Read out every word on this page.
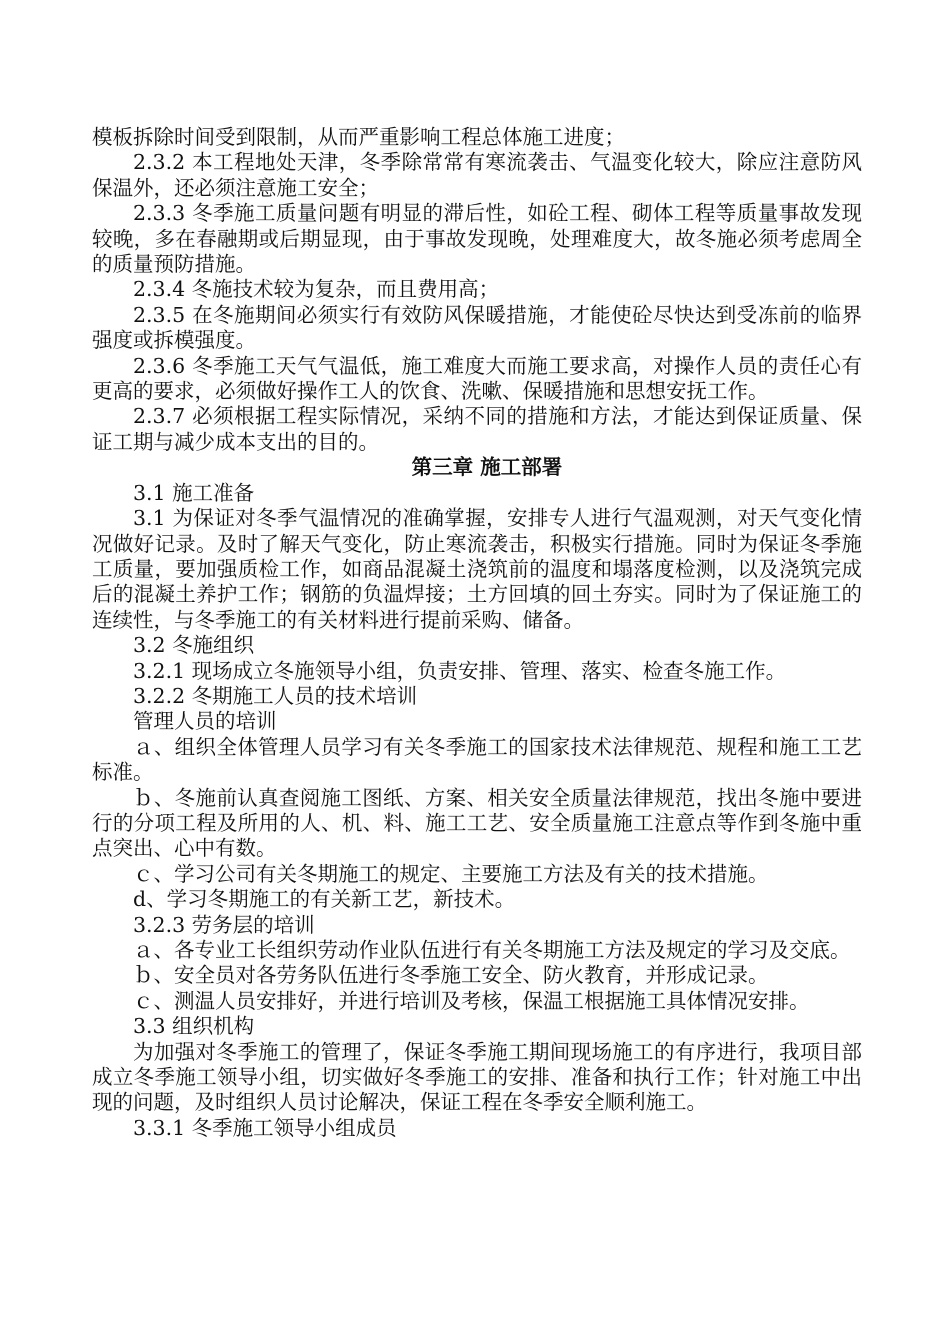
模板拆除时间受到限制，从而严重影响工程总体施工进度；

2.3.2 本工程地处天津，冬季除常常有寒流袭击、气温变化较大，除应注意防风保温外，还必须注意施工安全；

2.3.3 冬季施工质量问题有明显的滞后性，如砼工程、砌体工程等质量事故发现较晚，多在春融期或后期显现，由于事故发现晚，处理难度大，故冬施必须考虑周全的质量预防措施。

2.3.4 冬施技术较为复杂，而且费用高；

2.3.5 在冬施期间必须实行有效防风保暖措施，才能使砼尽快达到受冻前的临界强度或拆模强度。

2.3.6 冬季施工天气气温低，施工难度大而施工要求高，对操作人员的责任心有更高的要求，必须做好操作工人的饮食、洗嗽、保暖措施和思想安抚工作。

2.3.7 必须根据工程实际情况，采纳不同的措施和方法，才能达到保证质量、保证工期与减少成本支出的目的。

第三章 施工部署

3.1 施工准备

3.1 为保证对冬季气温情况的准确掌握，安排专人进行气温观测，对天气变化情况做好记录。及时了解天气变化，防止寒流袭击，积极实行措施。同时为保证冬季施工质量，要加强质检工作，如商品混凝土浇筑前的温度和塌落度检测，以及浇筑完成后的混凝土养护工作；钢筋的负温焊接；土方回填的回土夯实。同时为了保证施工的连续性，与冬季施工的有关材料进行提前采购、储备。

3.2 冬施组织

3.2.1 现场成立冬施领导小组，负责安排、管理、落实、检查冬施工作。

3.2.2 冬期施工人员的技术培训

管理人员的培训

ａ、组织全体管理人员学习有关冬季施工的国家技术法律规范、规程和施工工艺标准。

ｂ、冬施前认真查阅施工图纸、方案、相关安全质量法律规范，找出冬施中要进行的分项工程及所用的人、机、料、施工工艺、安全质量施工注意点等作到冬施中重点突出、心中有数。

ｃ、学习公司有关冬期施工的规定、主要施工方法及有关的技术措施。

d、学习冬期施工的有关新工艺，新技术。

3.2.3 劳务层的培训

ａ、各专业工长组织劳动作业队伍进行有关冬期施工方法及规定的学习及交底。

ｂ、安全员对各劳务队伍进行冬季施工安全、防火教育，并形成记录。

ｃ、测温人员安排好，并进行培训及考核，保温工根据施工具体情况安排。

3.3 组织机构

为加强对冬季施工的管理了，保证冬季施工期间现场施工的有序进行，我项目部成立冬季施工领导小组，切实做好冬季施工的安排、准备和执行工作；针对施工中出现的问题，及时组织人员讨论解决，保证工程在冬季安全顺利施工。

3.3.1 冬季施工领导小组成员
